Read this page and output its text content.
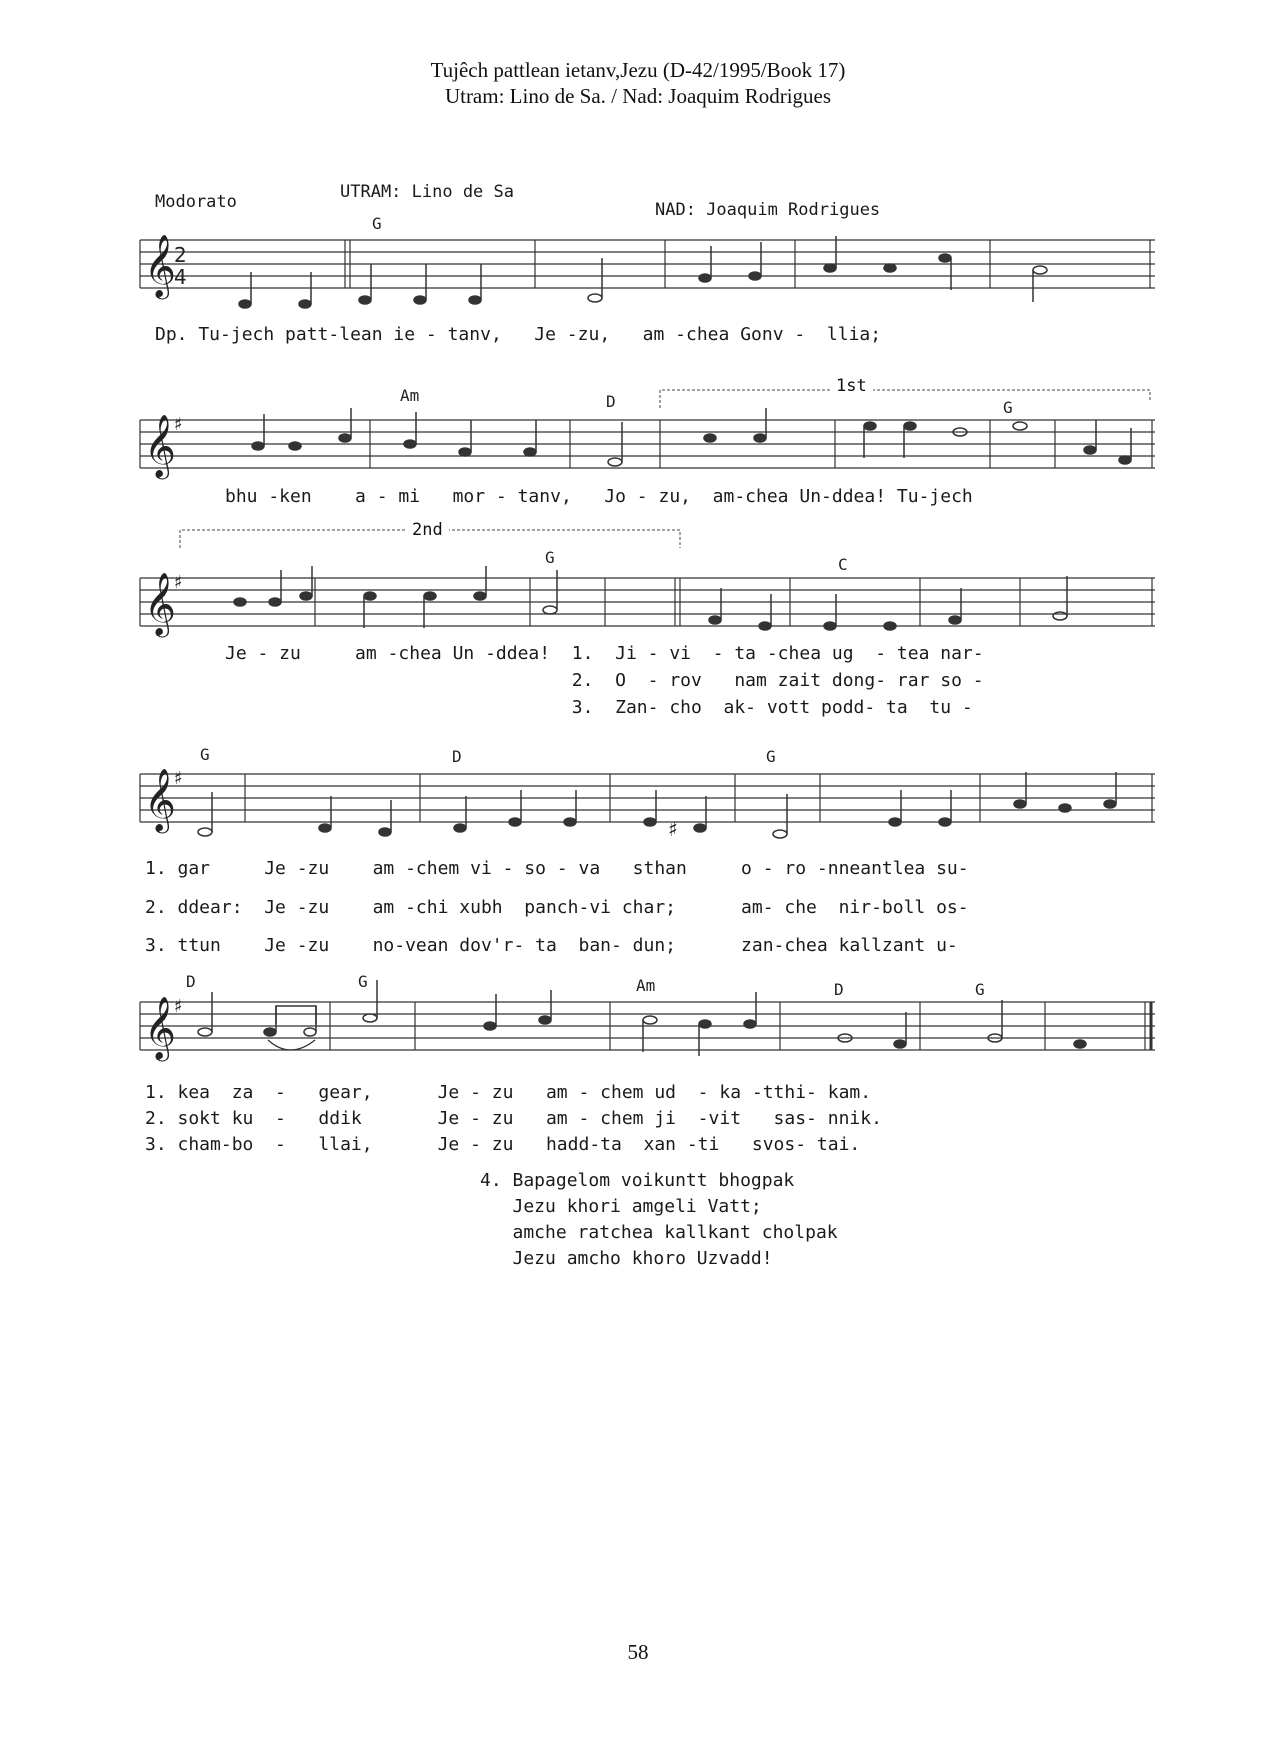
Tujêch pattlean ietanv,Jezu (D-42/1995/Book 17)
Utram: Lino de Sa. / Nad: Joaquim Rodrigues
Modorato	UTRAM: Lino de Sa
NAD: Joaquim Rodrigues
G
𝄞
2
4
Dp. Tu-jech patt-lean ie - tanv,   Je -zu,   am -chea Gonv -  llia;
Am	D	G
1st
𝄞
♯
bhu -ken    a - mi   mor - tanv,   Jo - zu,  am-chea Un-ddea! Tu-jech
2nd
G	C
𝄞
♯
Je - zu     am -chea Un -ddea!  1.  Ji - vi  - ta -chea ug  - tea nar-
2.  O  - rov   nam zait dong- rar so -
3.  Zan- cho  ak- vott podd- ta  tu -
G	D	G
𝄞
♯
♯
1. gar     Je -zu    am -chem vi - so - va   sthan     o - ro -nneantlea su-
2. ddear:  Je -zu    am -chi xubh  panch-vi char;      am- che  nir-boll os-
3. ttun    Je -zu    no-vean dov'r- ta  ban- dun;      zan-chea kallzant u-
D	G	Am	D	G
𝄞
♯
1. kea  za  -   gear,      Je - zu   am - chem ud  - ka -tthi- kam.
2. sokt ku  -   ddik       Je - zu   am - chem ji  -vit   sas- nnik.
3. cham-bo  -   llai,      Je - zu   hadd-ta  xan -ti   svos- tai.
4. Bapagelom voikuntt bhogpak
Jezu khori amgeli Vatt;
amche ratchea kallkant cholpak
Jezu amcho khoro Uzvadd!
58
